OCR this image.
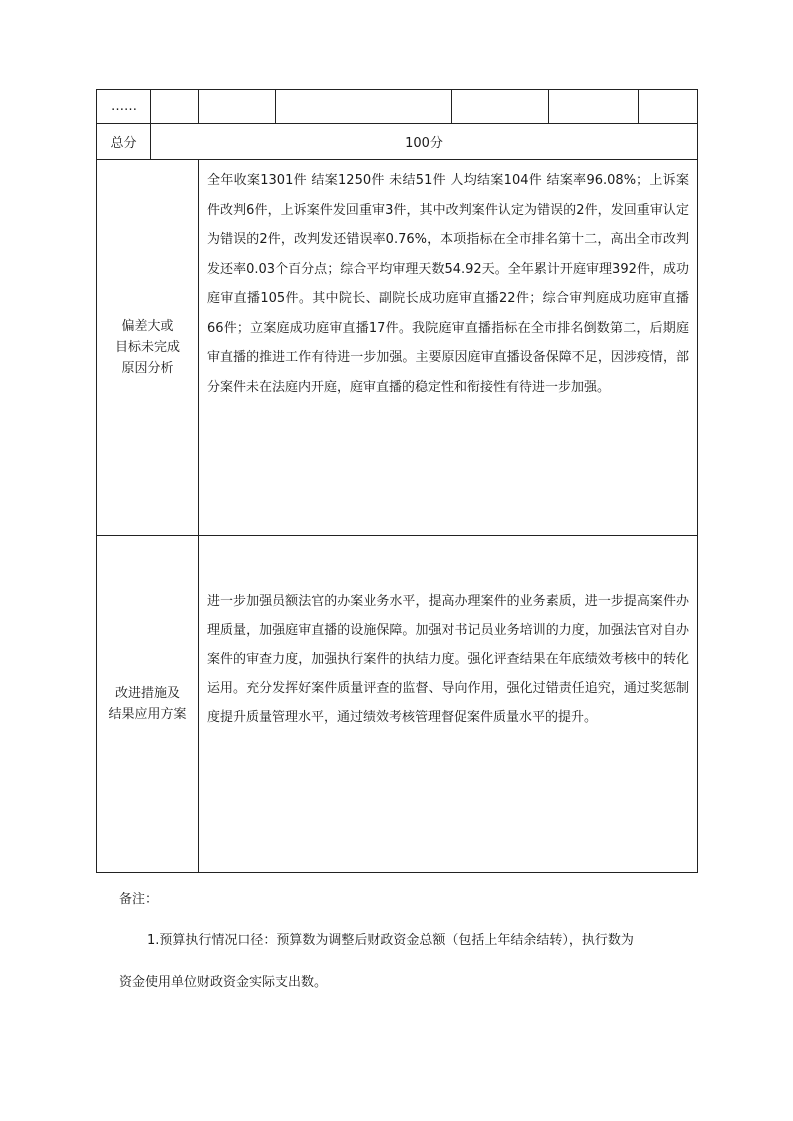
……
总分	100分
偏差大或
目标未完成
原因分析
全年收案1301件 结案1250件 未结51件 人均结案104件 结案率96.08%；上诉案件改判6件，上诉案件发回重审3件，其中改判案件认定为错误的2件，发回重审认定为错误的2件，改判发还错误率0.76%，本项指标在全市排名第十二，高出全市改判发还率0.03个百分点；综合平均审理天数54.92天。全年累计开庭审理392件，成功庭审直播105件。其中院长、副院长成功庭审直播22件；综合审判庭成功庭审直播66件；立案庭成功庭审直播17件。我院庭审直播指标在全市排名倒数第二，后期庭审直播的推进工作有待进一步加强。主要原因庭审直播设备保障不足，因涉疫情，部分案件未在法庭内开庭，庭审直播的稳定性和衔接性有待进一步加强。
改进措施及
结果应用方案
进一步加强员额法官的办案业务水平，提高办理案件的业务素质，进一步提高案件办理质量，加强庭审直播的设施保障。加强对书记员业务培训的力度，加强法官对自办案件的审查力度，加强执行案件的执结力度。强化评查结果在年底绩效考核中的转化运用。充分发挥好案件质量评查的监督、导向作用，强化过错责任追究，通过奖惩制度提升质量管理水平，通过绩效考核管理督促案件质量水平的提升。
备注：
1.预算执行情况口径：预算数为调整后财政资金总额（包括上年结余结转），执行数为
资金使用单位财政资金实际支出数。
